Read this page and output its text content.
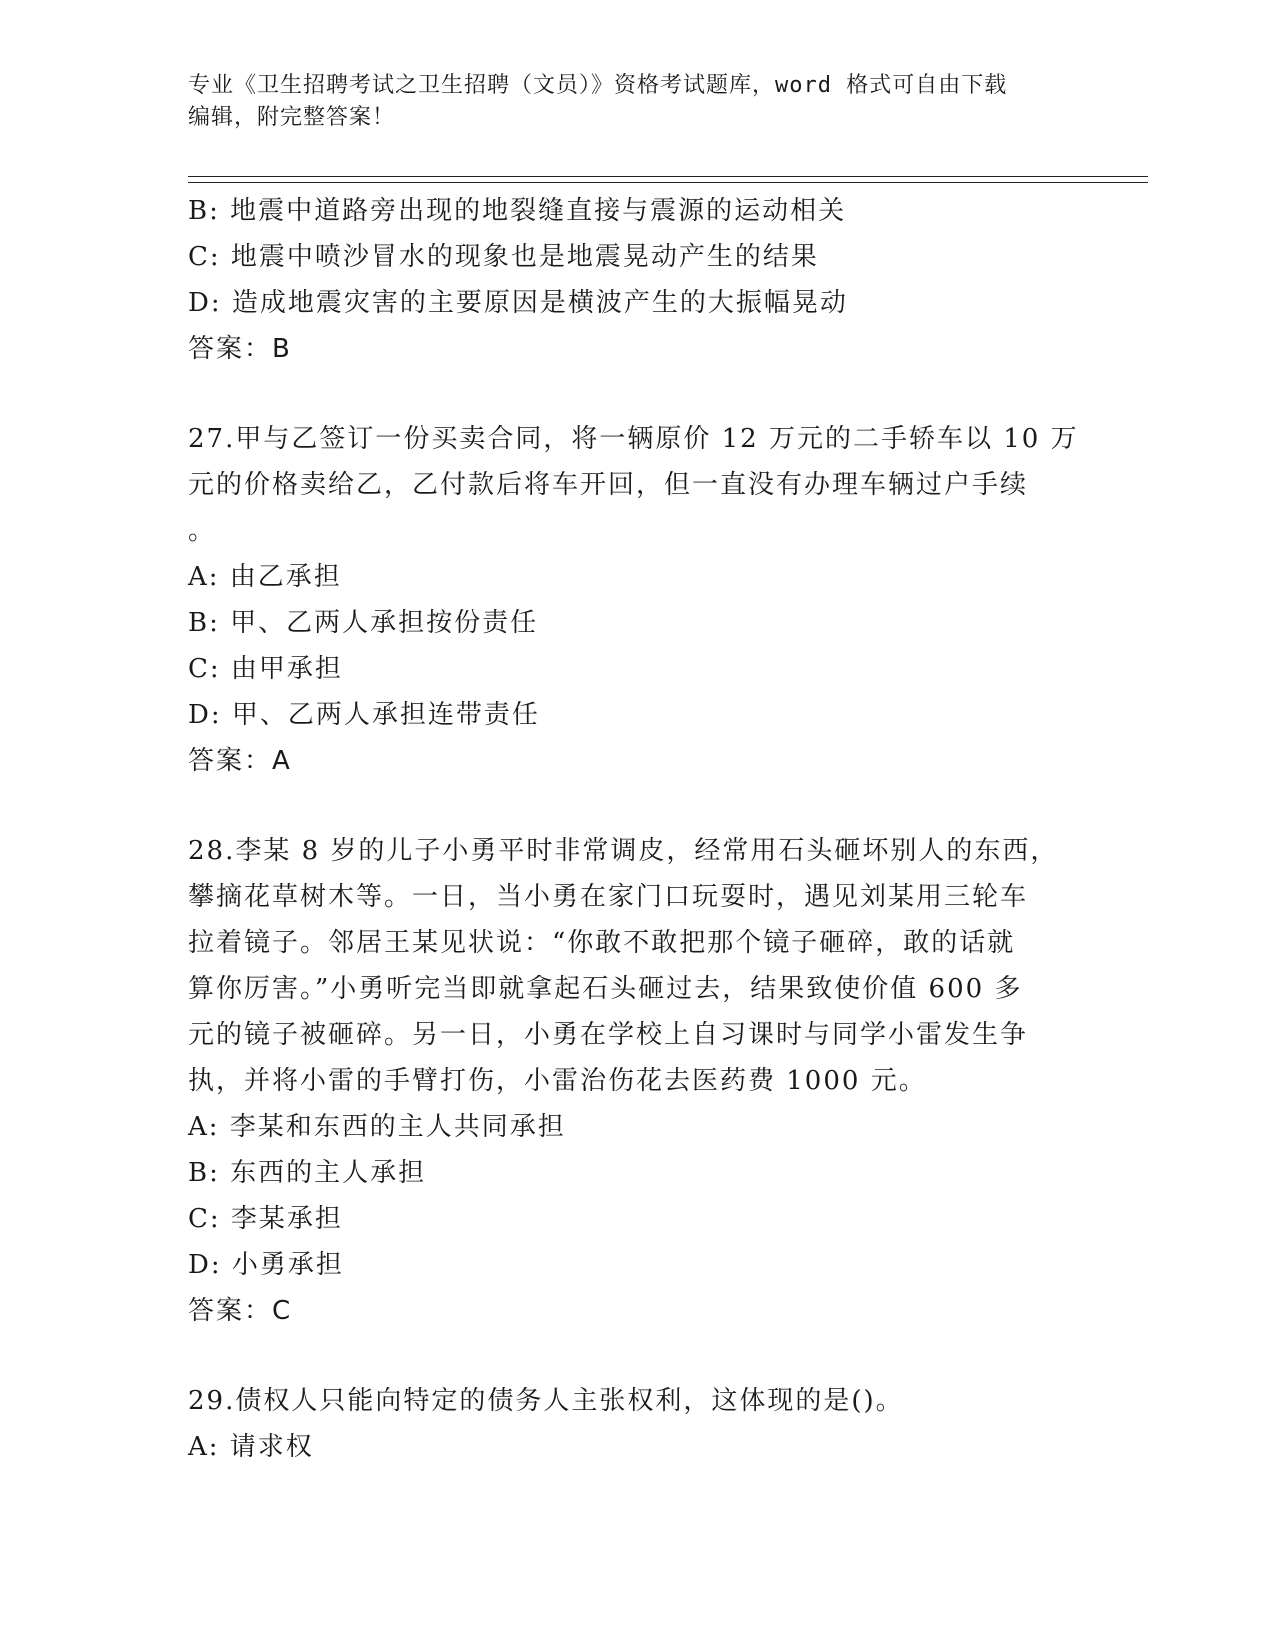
专业《卫生招聘考试之卫生招聘（文员）》资格考试题库，word 格式可自由下载
编辑，附完整答案！
B: 地震中道路旁出现的地裂缝直接与震源的运动相关
C: 地震中喷沙冒水的现象也是地震晃动产生的结果
D: 造成地震灾害的主要原因是横波产生的大振幅晃动
答案：B
27.甲与乙签订一份买卖合同，将一辆原价 12 万元的二手轿车以 10 万
元的价格卖给乙，乙付款后将车开回，但一直没有办理车辆过户手续
。
A: 由乙承担
B: 甲、乙两人承担按份责任
C: 由甲承担
D: 甲、乙两人承担连带责任
答案：A
28.李某 8 岁的儿子小勇平时非常调皮，经常用石头砸坏别人的东西，
攀摘花草树木等。一日，当小勇在家门口玩耍时，遇见刘某用三轮车
拉着镜子。邻居王某见状说：“你敢不敢把那个镜子砸碎，敢的话就
算你厉害。”小勇听完当即就拿起石头砸过去，结果致使价值 600 多
元的镜子被砸碎。另一日，小勇在学校上自习课时与同学小雷发生争
执，并将小雷的手臂打伤，小雷治伤花去医药费 1000 元。
A: 李某和东西的主人共同承担
B: 东西的主人承担
C: 李某承担
D: 小勇承担
答案：C
29.债权人只能向特定的债务人主张权利，这体现的是()。
A: 请求权
